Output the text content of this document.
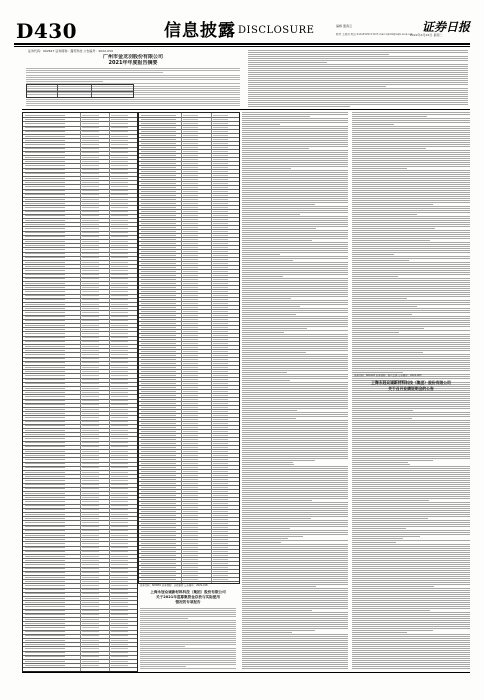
D430	信息披露 DISCLOSURE	编辑 董春云
制作 王敬涛 电话 010-83251716 E-mail zqrb9@zqrb.sina.net
证券日报
2022年4月26日 星期二
证券代码：002617 证券简称：露笑科技 公告编号：2022-034
广州市金龙羽股份有限公司
2021年年度报告摘要
证券代码：603681 证券简称：永冠新材 公告编号：2022-018
上海永冠众诚新材料科技（集团）股份有限公司
关于2021年度募集资金存放与实际使用
情况的专项报告
证券代码：600193 证券简称：创兴资源 公告编号：2022-005
上海永冠众诚新材料科技（集团）股份有限公司
关于召开业绩说明会的公告
